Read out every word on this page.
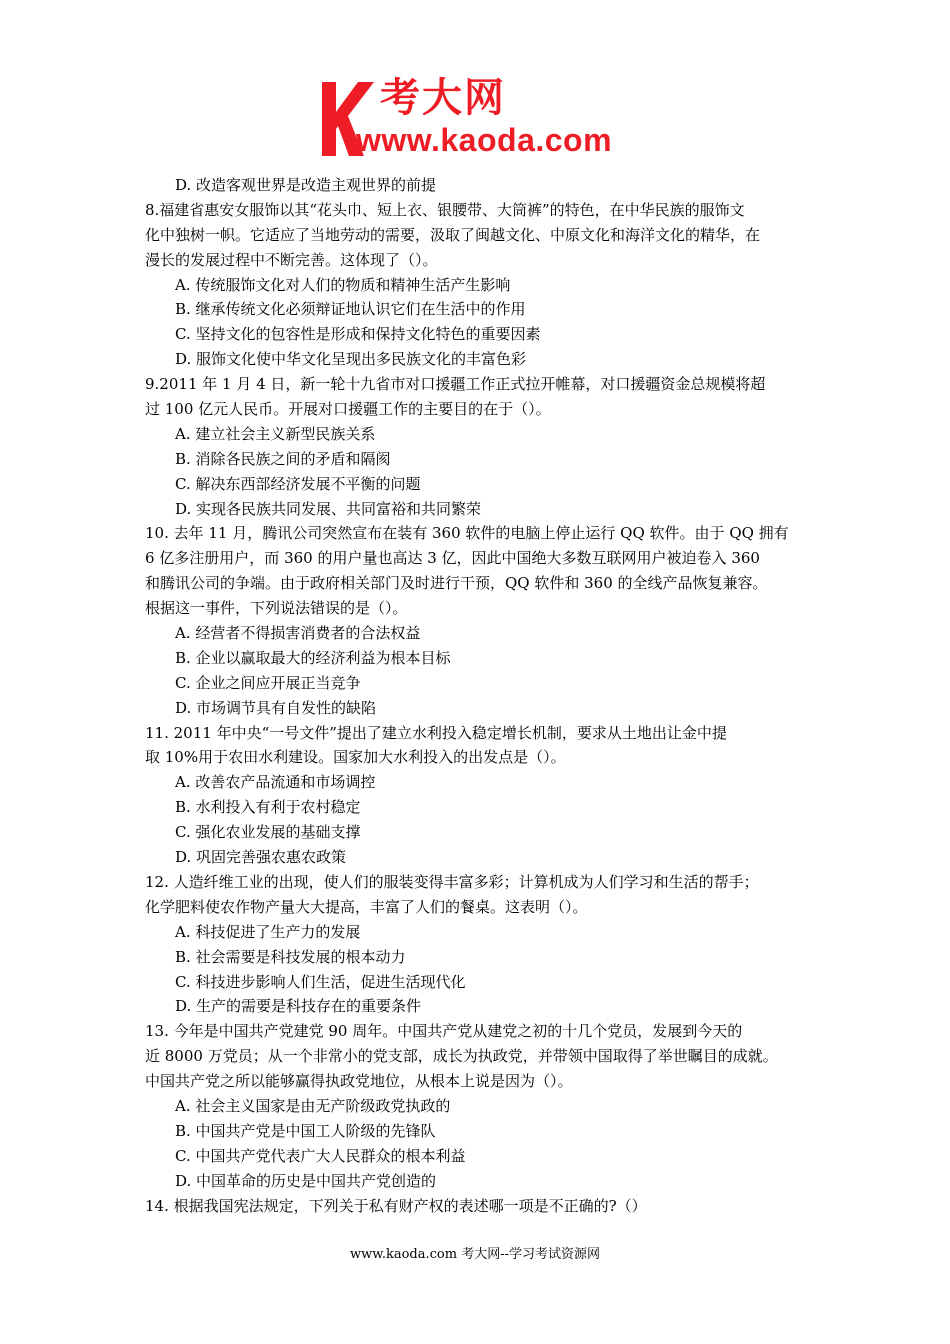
考大网
www.kaoda.com
D. 改造客观世界是改造主观世界的前提
8.福建省惠安女服饰以其“花头巾、短上衣、银腰带、大筒裤”的特色，在中华民族的服饰文
化中独树一帜。它适应了当地劳动的需要，汲取了闽越文化、中原文化和海洋文化的精华，在
漫长的发展过程中不断完善。这体现了（）。
A. 传统服饰文化对人们的物质和精神生活产生影响
B. 继承传统文化必须辩证地认识它们在生活中的作用
C. 坚持文化的包容性是形成和保持文化特色的重要因素
D. 服饰文化使中华文化呈现出多民族文化的丰富色彩
9.2011 年 1 月 4 日，新一轮十九省市对口援疆工作正式拉开帷幕，对口援疆资金总规模将超
过 100 亿元人民币。开展对口援疆工作的主要目的在于（）。
A. 建立社会主义新型民族关系
B. 消除各民族之间的矛盾和隔阂
C. 解决东西部经济发展不平衡的问题
D. 实现各民族共同发展、共同富裕和共同繁荣
10. 去年 11 月，腾讯公司突然宣布在装有 360 软件的电脑上停止运行 QQ 软件。由于 QQ 拥有
6 亿多注册用户，而 360 的用户量也高达 3 亿，因此中国绝大多数互联网用户被迫卷入 360
和腾讯公司的争端。由于政府相关部门及时进行干预，QQ 软件和 360 的全线产品恢复兼容。
根据这一事件，下列说法错误的是（）。
A. 经营者不得损害消费者的合法权益
B. 企业以赢取最大的经济利益为根本目标
C. 企业之间应开展正当竞争
D. 市场调节具有自发性的缺陷
11. 2011 年中央“一号文件”提出了建立水利投入稳定增长机制，要求从土地出让金中提
取 10%用于农田水利建设。国家加大水利投入的出发点是（）。
A. 改善农产品流通和市场调控
B. 水利投入有利于农村稳定
C. 强化农业发展的基础支撑
D. 巩固完善强农惠农政策
12. 人造纤维工业的出现，使人们的服装变得丰富多彩；计算机成为人们学习和生活的帮手；
化学肥料使农作物产量大大提高，丰富了人们的餐桌。这表明（）。
A. 科技促进了生产力的发展
B. 社会需要是科技发展的根本动力
C. 科技进步影响人们生活，促进生活现代化
D. 生产的需要是科技存在的重要条件
13. 今年是中国共产党建党 90 周年。中国共产党从建党之初的十几个党员，发展到今天的
近 8000 万党员；从一个非常小的党支部，成长为执政党，并带领中国取得了举世瞩目的成就。
中国共产党之所以能够赢得执政党地位，从根本上说是因为（）。
A. 社会主义国家是由无产阶级政党执政的
B. 中国共产党是中国工人阶级的先锋队
C. 中国共产党代表广大人民群众的根本利益
D. 中国革命的历史是中国共产党创造的
14. 根据我国宪法规定，下列关于私有财产权的表述哪一项是不正确的?（）
www.kaoda.com 考大网--学习考试资源网
